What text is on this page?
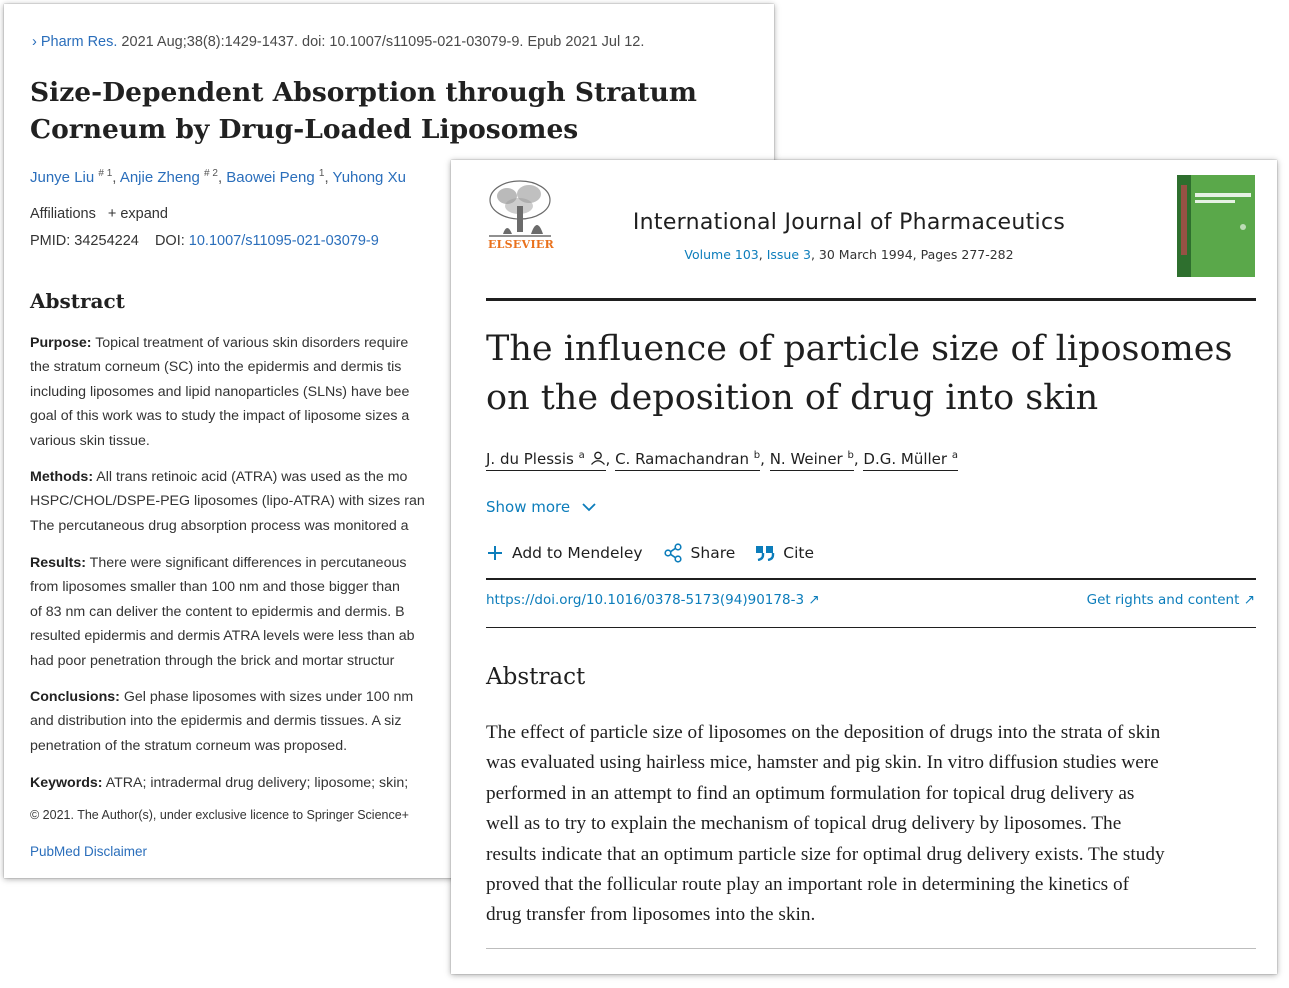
› Pharm Res. 2021 Aug;38(8):1429-1437. doi: 10.1007/s11095-021-03079-9. Epub 2021 Jul 12.
Size-Dependent Absorption through Stratum Corneum by Drug-Loaded Liposomes
Junye Liu $^{\# 1}$, Anjie Zheng $^{\# 2}$, Baowei Peng $^1$, Yuhong Xu
Affiliations + expand
PMID: 34254224 DOI: 10.1007/s11095-021-03079-9
Abstract
Purpose: Topical treatment of various skin disorders require
the stratum corneum (SC) into the epidermis and dermis tis
including liposomes and lipid nanoparticles (SLNs) have bee
goal of this work was to study the impact of liposome sizes a
various skin tissue.
Methods: All trans retinoic acid (ATRA) was used as the mo
HSPC/CHOL/DSPE-PEG liposomes (lipo-ATRA) with sizes ran
The percutaneous drug absorption process was monitored a
Results: There were significant differences in percutaneous
from liposomes smaller than 100 nm and those bigger than
of 83 nm can deliver the content to epidermis and dermis. B
resulted epidermis and dermis ATRA levels were less than ab
had poor penetration through the brick and mortar structur
Conclusions: Gel phase liposomes with sizes under 100 nm
and distribution into the epidermis and dermis tissues. A siz
penetration of the stratum corneum was proposed.
Keywords: ATRA; intradermal drug delivery; liposome; skin;
© 2021. The Author(s), under exclusive licence to Springer Science+
PubMed Disclaimer
ELSEVIER
International Journal of Pharmaceutics
Volume 103, Issue 3, 30 March 1994, Pages 277-282
The influence of particle size of liposomes on the deposition of drug into skin
J. du Plessis $^a$ , C. Ramachandran $^b$, N. Weiner $^b$, D.G. Müller $^a$
Show more
Add to Mendeley	Share	Cite
https://doi.org/10.1016/0378-5173(94)90178-3 ↗	Get rights and content ↗
Abstract

The effect of particle size of liposomes on the deposition of drugs into the strata of skin
was evaluated using hairless mice, hamster and pig skin. In vitro diffusion studies were
performed in an attempt to find an optimum formulation for topical drug delivery as
well as to try to explain the mechanism of topical drug delivery by liposomes. The
results indicate that an optimum particle size for optimal drug delivery exists. The study
proved that the follicular route play an important role in determining the kinetics of
drug transfer from liposomes into the skin.
